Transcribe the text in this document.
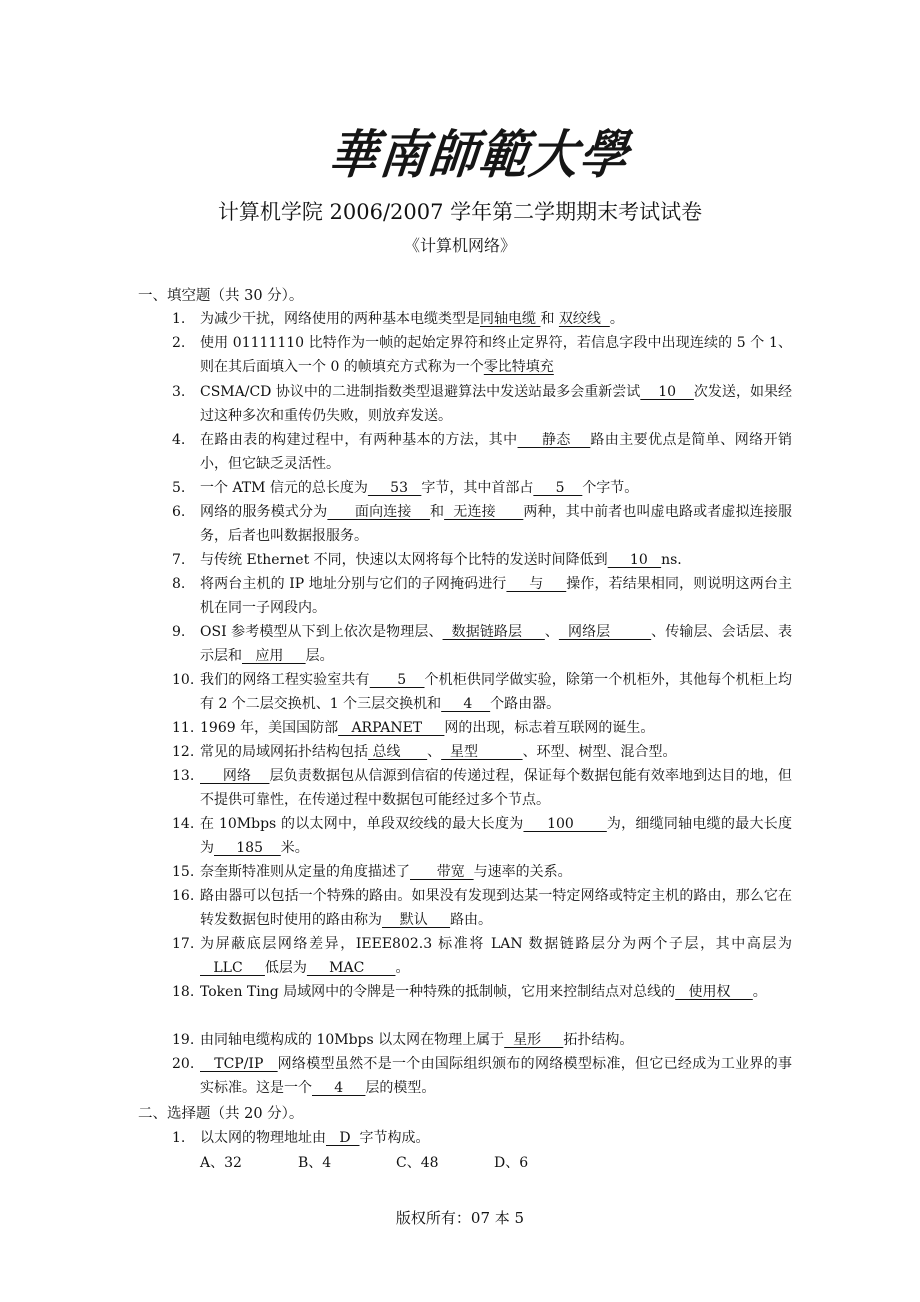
華南師範大學
计算机学院 2006/2007 学年第二学期期末考试试卷
《计算机网络》
一、填空题（共 30 分）。
1.	为减少干扰，网络使用的两种基本电缆类型是同轴电缆 和 双绞线  。
2.	使用 01111110 比特作为一帧的起始定界符和终止定界符，若信息字段中出现连续的 5 个 1、则在其后面填入一个 0 的帧填充方式称为一个零比特填充
3.	CSMA/CD 协议中的二进制指数类型退避算法中发送站最多会重新尝试    10    次发送，如果经过这种多次和重传仍失败，则放弃发送。
4.	在路由表的构建过程中，有两种基本的方法，其中     静态    路由主要优点是简单、网络开销小，但它缺乏灵活性。
5.	一个 ATM 信元的总长度为     53   字节，其中首部占     5    个字节。
6.	网络的服务模式分为      面向连接    和  无连接      两种，其中前者也叫虚电路或者虚拟连接服务，后者也叫数据报服务。
7.	与传统 Ethernet 不同，快速以太网将每个比特的发送时间降低到     10   ns.
8.	将两台主机的 IP 地址分别与它们的子网掩码进行     与     操作，若结果相同，则说明这两台主机在同一子网段内。
9.	OSI 参考模型从下到上依次是物理层、  数据链路层     、  网络层         、传输层、会话层、表示层和   应用     层。
10. 我们的网络工程实验室共有      5    个机柜供同学做实验，除第一个机柜外，其他每个机柜上均有 2 个二层交换机、1 个三层交换机和     4    个路由器。
11. 1969 年，美国国防部   ARPANET     网的出现，标志着互联网的诞生。
12. 常见的局域网拓扑结构包括 总线      、  星型          、环型、树型、混合型。
13. 网络    层负责数据包从信源到信宿的传递过程，保证每个数据包能有效率地到达目的地，但不提供可靠性，在传递过程中数据包可能经过多个节点。
14. 在 10Mbps 的以太网中，单段双绞线的最大长度为     100       为，细缆同轴电缆的最大长度为     185    米。
15. 奈奎斯特准则从定量的角度描述了      带宽  与速率的关系。
16. 路由器可以包括一个特殊的路由。如果没有发现到达某一特定网络或特定主机的路由，那么它在转发数据包时使用的路由称为    默认     路由。
17. 为屏蔽底层网络差异，IEEE802.3 标准将 LAN 数据链路层分为两个子层，其中高层为   LLC     低层为     MAC       。
18. Token Ting 局域网中的令牌是一种特殊的抵制帧，它用来控制结点对总线的   使用权     。
19. 由同轴电缆构成的 10Mbps 以太网在物理上属于  星形     拓扑结构。
20. TCP/IP   网络模型虽然不是一个由国际组织颁布的网络模型标准，但它已经成为工业界的事实标准。这是一个     4     层的模型。
二、选择题（共 20 分）。
1.	以太网的物理地址由   D  字节构成。
A、32	B、4	C、48	D、6
版权所有：07 本 5
